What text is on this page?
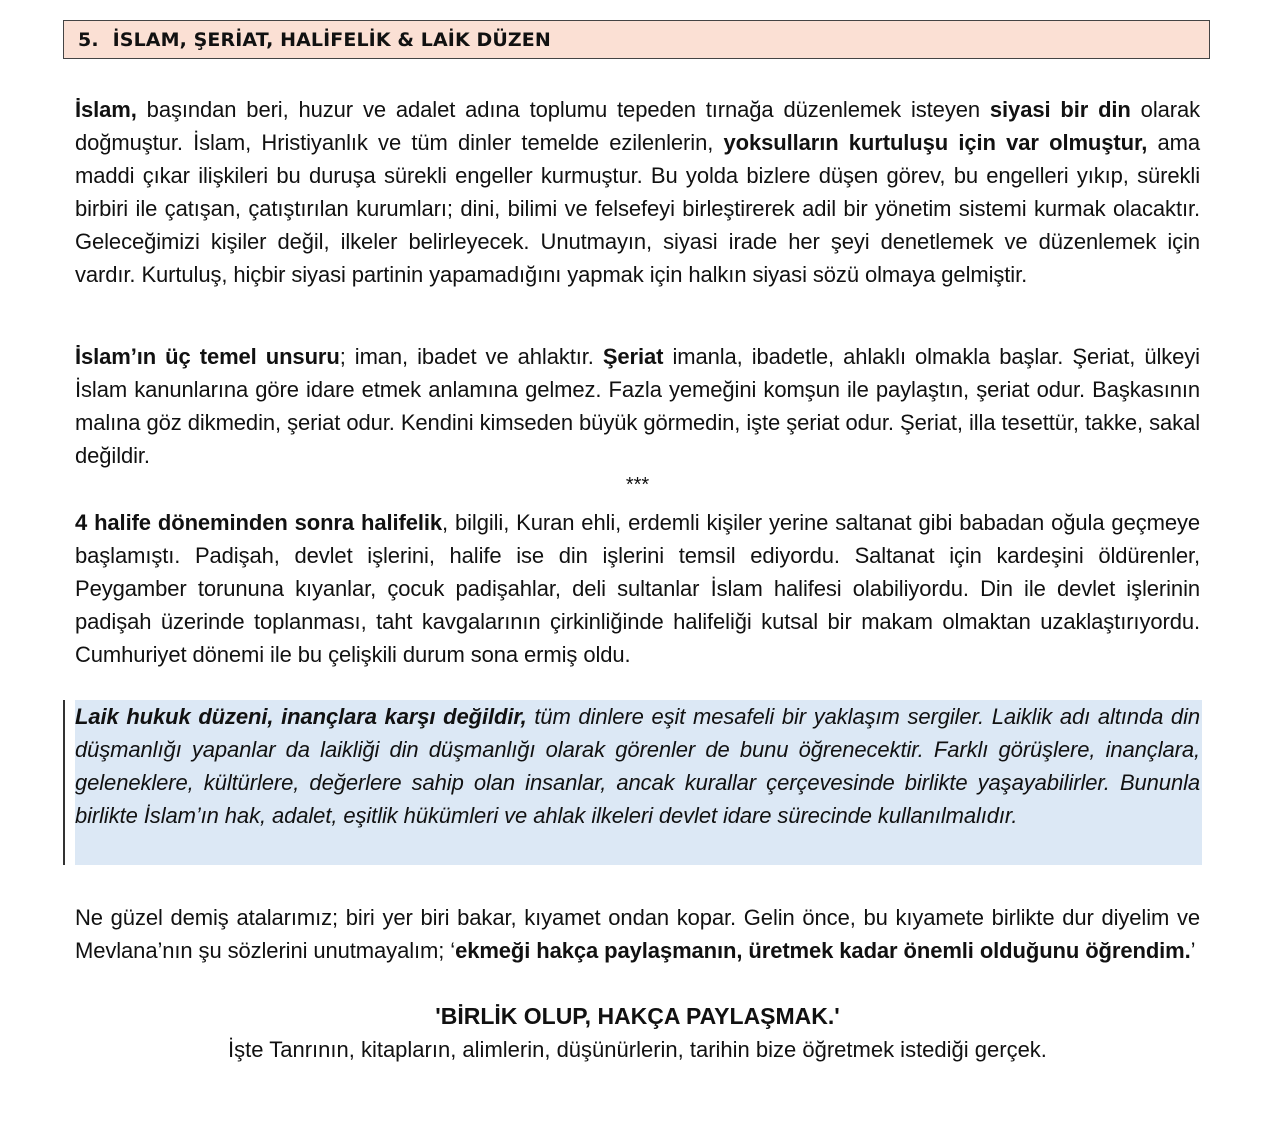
5. İSLAM, ŞERİAT, HALİFELİK & LAİK DÜZEN

İslam, başından beri, huzur ve adalet adına toplumu tepeden tırnağa düzenlemek isteyen siyasi bir din olarak doğmuştur. İslam, Hristiyanlık ve tüm dinler temelde ezilenlerin, yoksulların kurtuluşu için var olmuştur, ama maddi çıkar ilişkileri bu duruşa sürekli engeller kurmuştur. Bu yolda bizlere düşen görev, bu engelleri yıkıp, sürekli birbiri ile çatışan, çatıştırılan kurumları; dini, bilimi ve felsefeyi birleştirerek adil bir yönetim sistemi kurmak olacaktır. Geleceğimizi kişiler değil, ilkeler belirleyecek. Unutmayın, siyasi irade her şeyi denetlemek ve düzenlemek için vardır. Kurtuluş, hiçbir siyasi partinin yapamadığını yapmak için halkın siyasi sözü olmaya gelmiştir.

İslam’ın üç temel unsuru; iman, ibadet ve ahlaktır. Şeriat imanla, ibadetle, ahlaklı olmakla başlar. Şeriat, ülkeyi İslam kanunlarına göre idare etmek anlamına gelmez. Fazla yemeğini komşun ile paylaştın, şeriat odur. Başkasının malına göz dikmedin, şeriat odur. Kendini kimseden büyük görmedin, işte şeriat odur. Şeriat, illa tesettür, takke, sakal değildir.

***

4 halife döneminden sonra halifelik, bilgili, Kuran ehli, erdemli kişiler yerine saltanat gibi babadan oğula geçmeye başlamıştı. Padişah, devlet işlerini, halife ise din işlerini temsil ediyordu. Saltanat için kardeşini öldürenler, Peygamber torununa kıyanlar, çocuk padişahlar, deli sultanlar İslam halifesi olabiliyordu. Din ile devlet işlerinin padişah üzerinde toplanması, taht kavgalarının çirkinliğinde halifeliği kutsal bir makam olmaktan uzaklaştırıyordu. Cumhuriyet dönemi ile bu çelişkili durum sona ermiş oldu.

Laik hukuk düzeni, inançlara karşı değildir, tüm dinlere eşit mesafeli bir yaklaşım sergiler. Laiklik adı altında din düşmanlığı yapanlar da laikliği din düşmanlığı olarak görenler de bunu öğrenecektir. Farklı görüşlere, inançlara, geleneklere, kültürlere, değerlere sahip olan insanlar, ancak kurallar çerçevesinde birlikte yaşayabilirler. Bununla birlikte İslam’ın hak, adalet, eşitlik hükümleri ve ahlak ilkeleri devlet idare sürecinde kullanılmalıdır.

Ne güzel demiş atalarımız; biri yer biri bakar, kıyamet ondan kopar. Gelin önce, bu kıyamete birlikte dur diyelim ve Mevlana’nın şu sözlerini unutmayalım; ‘ekmeği hakça paylaşmanın, üretmek kadar önemli olduğunu öğrendim.’

'BİRLİK OLUP, HAKÇA PAYLAŞMAK.'
İşte Tanrının, kitapların, alimlerin, düşünürlerin, tarihin bize öğretmek istediği gerçek.
